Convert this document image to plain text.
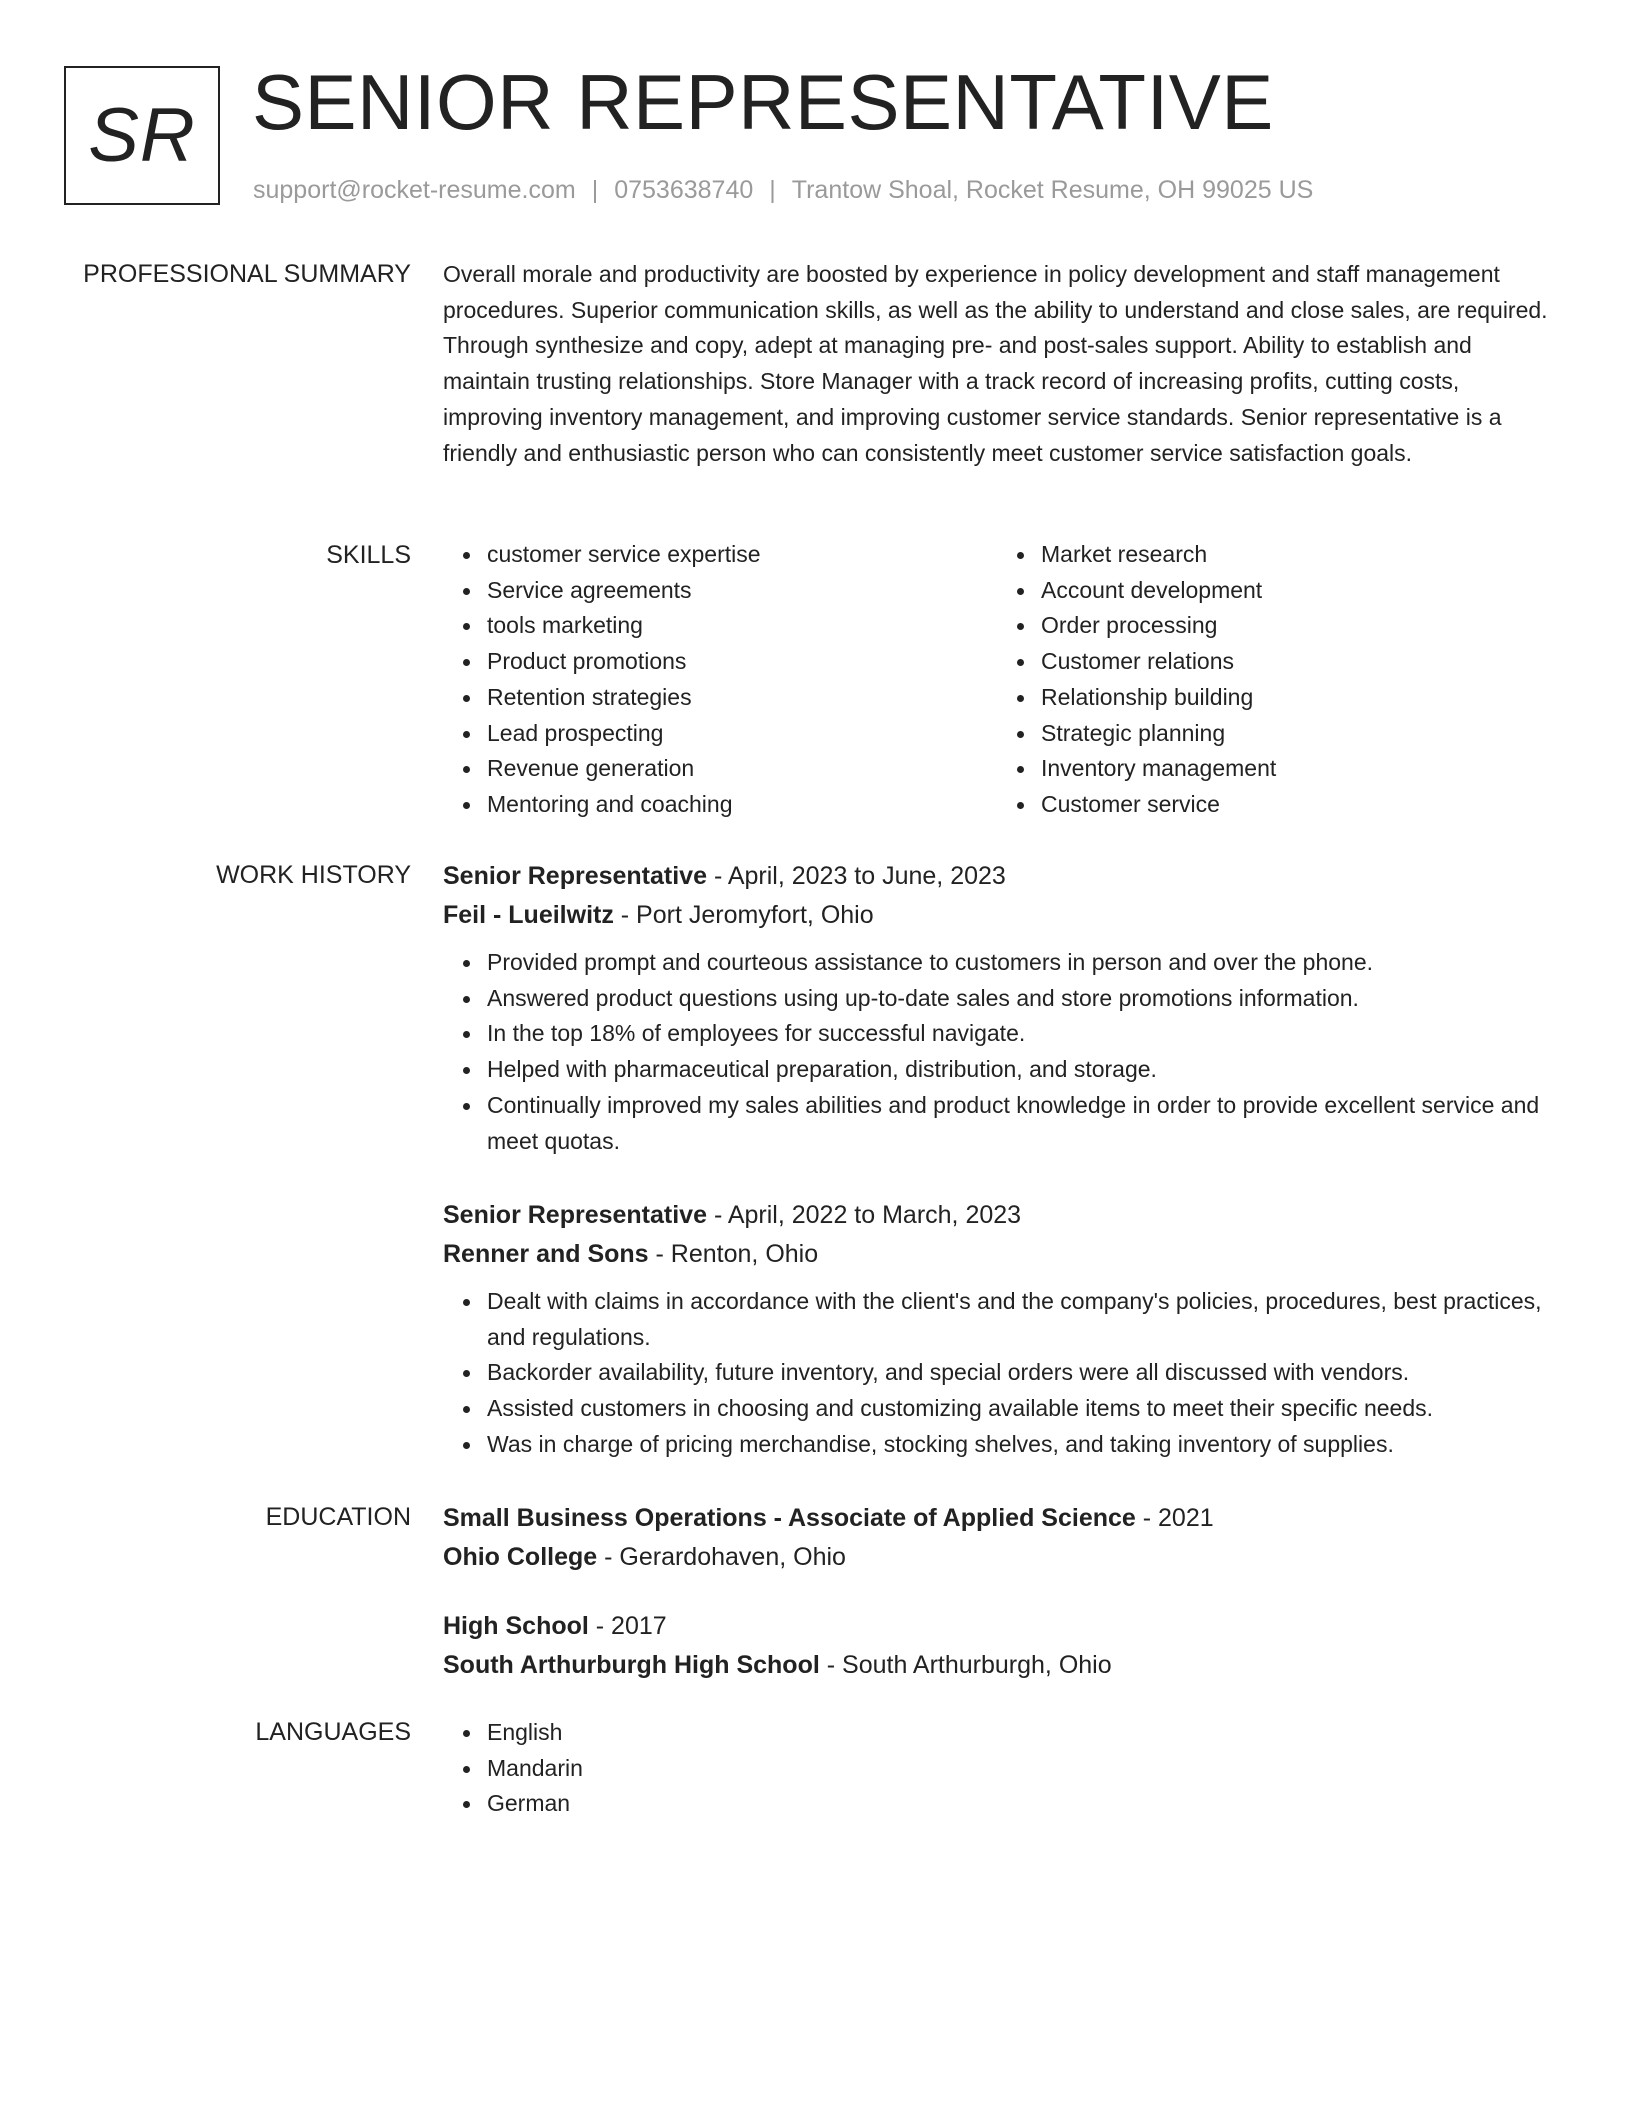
SR SENIOR REPRESENTATIVE
support@rocket-resume.com | 0753638740 | Trantow Shoal, Rocket Resume, OH 99025 US
PROFESSIONAL SUMMARY Overall morale and productivity are boosted by experience in policy development and staff management procedures. Superior communication skills, as well as the ability to understand and close sales, are required. Through synthesize and copy, adept at managing pre- and post-sales support. Ability to establish and maintain trusting relationships. Store Manager with a track record of increasing profits, cutting costs, improving inventory management, and improving customer service standards. Senior representative is a friendly and enthusiastic person who can consistently meet customer service satisfaction goals.

SKILLS	customer service expertise
Service agreements
tools marketing
Product promotions
Retention strategies
Lead prospecting
Revenue generation
Mentoring and coaching
Market research
Account development
Order processing
Customer relations
Relationship building
Strategic planning
Inventory management
Customer service
WORK HISTORY Senior Representative - April, 2023 to June, 2023
Feil - Lueilwitz - Port Jeromyfort, Ohio
Provided prompt and courteous assistance to customers in person and over the phone.
Answered product questions using up-to-date sales and store promotions information.
In the top 18% of employees for successful navigate.
Helped with pharmaceutical preparation, distribution, and storage.
Continually improved my sales abilities and product knowledge in order to provide excellent service and meet quotas.
Senior Representative - April, 2022 to March, 2023
Renner and Sons - Renton, Ohio
Dealt with claims in accordance with the client's and the company's policies, procedures, best practices, and regulations.
Backorder availability, future inventory, and special orders were all discussed with vendors.
Assisted customers in choosing and customizing available items to meet their specific needs.
Was in charge of pricing merchandise, stocking shelves, and taking inventory of supplies.
EDUCATION Small Business Operations - Associate of Applied Science - 2021
Ohio College - Gerardohaven, Ohio
High School - 2017
South Arthurburgh High School - South Arthurburgh, Ohio
LANGUAGES	English
Mandarin
German
